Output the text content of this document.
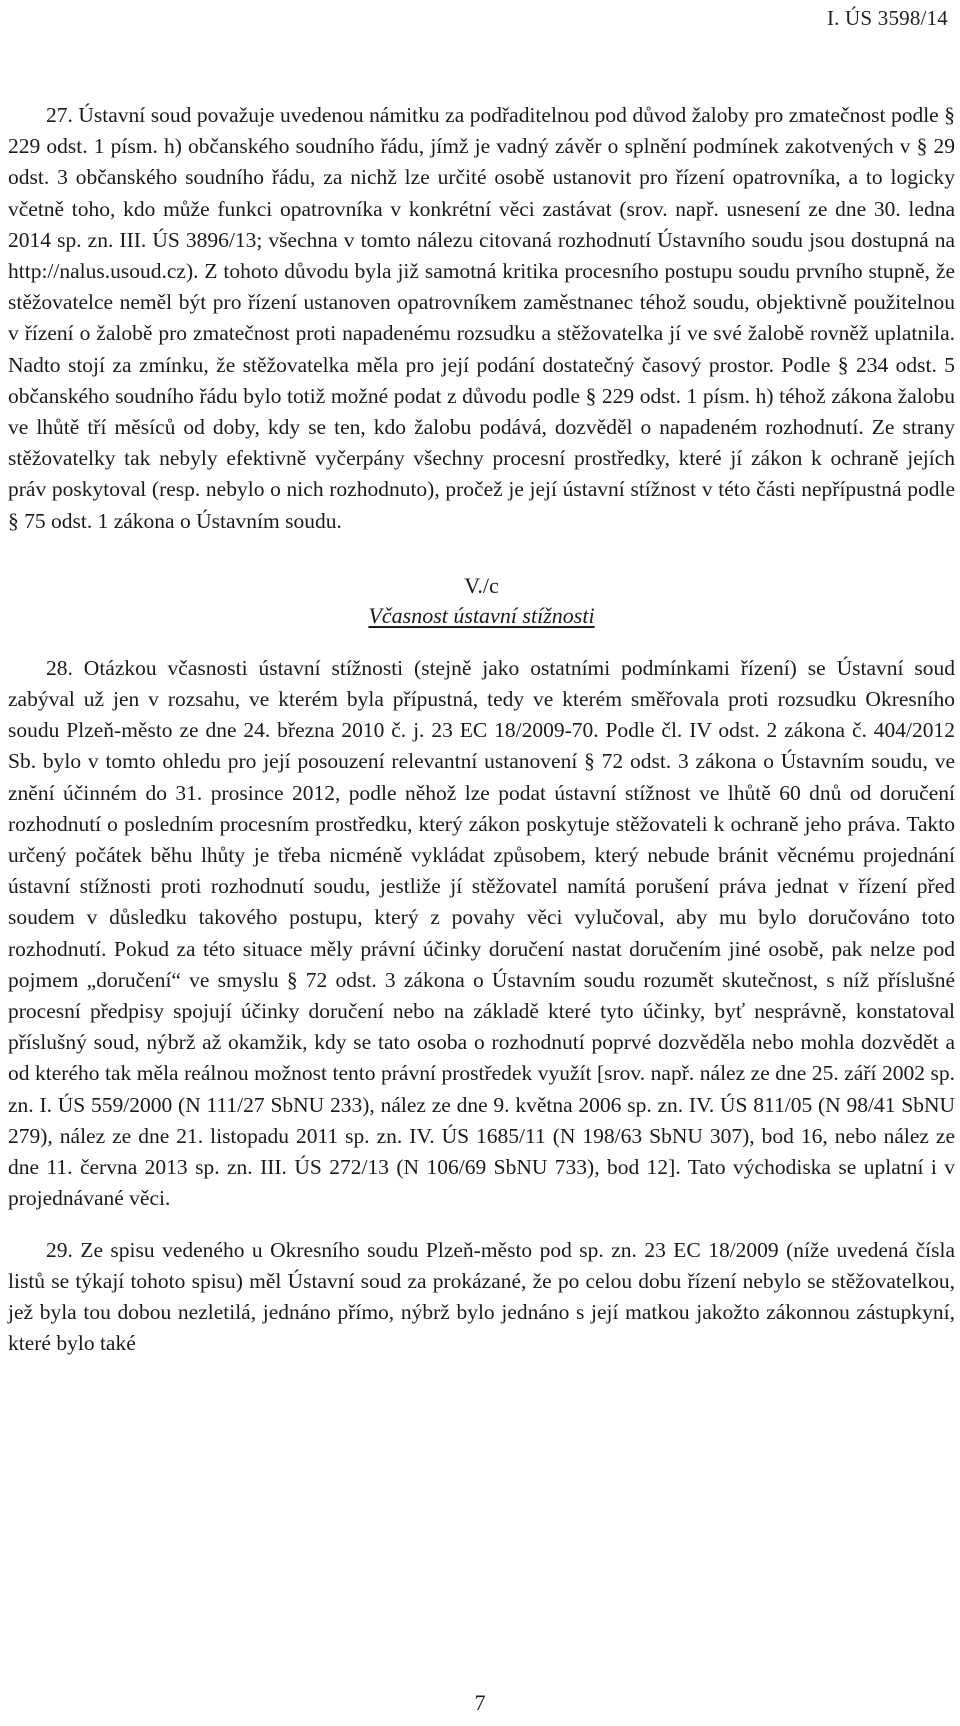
I. ÚS 3598/14

27. Ústavní soud považuje uvedenou námitku za podřaditelnou pod důvod žaloby pro zmatečnost podle § 229 odst. 1 písm. h) občanského soudního řádu, jímž je vadný závěr o splnění podmínek zakotvených v § 29 odst. 3 občanského soudního řádu, za nichž lze určité osobě ustanovit pro řízení opatrovníka, a to logicky včetně toho, kdo může funkci opatrovníka v konkrétní věci zastávat (srov. např. usnesení ze dne 30. ledna 2014 sp. zn. III. ÚS 3896/13; všechna v tomto nálezu citovaná rozhodnutí Ústavního soudu jsou dostupná na http://nalus.usoud.cz). Z tohoto důvodu byla již samotná kritika procesního postupu soudu prvního stupně, že stěžovatelce neměl být pro řízení ustanoven opatrovníkem zaměstnanec téhož soudu, objektivně použitelnou v řízení o žalobě pro zmatečnost proti napadenému rozsudku a stěžovatelka jí ve své žalobě rovněž uplatnila. Nadto stojí za zmínku, že stěžovatelka měla pro její podání dostatečný časový prostor. Podle § 234 odst. 5 občanského soudního řádu bylo totiž možné podat z důvodu podle § 229 odst. 1 písm. h) téhož zákona žalobu ve lhůtě tří měsíců od doby, kdy se ten, kdo žalobu podává, dozvěděl o napadeném rozhodnutí. Ze strany stěžovatelky tak nebyly efektivně vyčerpány všechny procesní prostředky, které jí zákon k ochraně jejích práv poskytoval (resp. nebylo o nich rozhodnuto), pročež je její ústavní stížnost v této části nepřípustná podle § 75 odst. 1 zákona o Ústavním soudu.

V./c
Včasnost ústavní stížnosti

28. Otázkou včasnosti ústavní stížnosti (stejně jako ostatními podmínkami řízení) se Ústavní soud zabýval už jen v rozsahu, ve kterém byla přípustná, tedy ve kterém směřovala proti rozsudku Okresního soudu Plzeň-město ze dne 24. března 2010 č. j. 23 EC 18/2009-70. Podle čl. IV odst. 2 zákona č. 404/2012 Sb. bylo v tomto ohledu pro její posouzení relevantní ustanovení § 72 odst. 3 zákona o Ústavním soudu, ve znění účinném do 31. prosince 2012, podle něhož lze podat ústavní stížnost ve lhůtě 60 dnů od doručení rozhodnutí o posledním procesním prostředku, který zákon poskytuje stěžovateli k ochraně jeho práva. Takto určený počátek běhu lhůty je třeba nicméně vykládat způsobem, který nebude bránit věcnému projednání ústavní stížnosti proti rozhodnutí soudu, jestliže jí stěžovatel namítá porušení práva jednat v řízení před soudem v důsledku takového postupu, který z povahy věci vylučoval, aby mu bylo doručováno toto rozhodnutí. Pokud za této situace měly právní účinky doručení nastat doručením jiné osobě, pak nelze pod pojmem „doručení“ ve smyslu § 72 odst. 3 zákona o Ústavním soudu rozumět skutečnost, s níž příslušné procesní předpisy spojují účinky doručení nebo na základě které tyto účinky, byť nesprávně, konstatoval příslušný soud, nýbrž až okamžik, kdy se tato osoba o rozhodnutí poprvé dozvěděla nebo mohla dozvědět a od kterého tak měla reálnou možnost tento právní prostředek využít [srov. např. nález ze dne 25. září 2002 sp. zn. I. ÚS 559/2000 (N 111/27 SbNU 233), nález ze dne 9. května 2006 sp. zn. IV. ÚS 811/05 (N 98/41 SbNU 279), nález ze dne 21. listopadu 2011 sp. zn. IV. ÚS 1685/11 (N 198/63 SbNU 307), bod 16, nebo nález ze dne 11. června 2013 sp. zn. III. ÚS 272/13 (N 106/69 SbNU 733), bod 12]. Tato východiska se uplatní i v projednávané věci.

29. Ze spisu vedeného u Okresního soudu Plzeň-město pod sp. zn. 23 EC 18/2009 (níže uvedená čísla listů se týkají tohoto spisu) měl Ústavní soud za prokázané, že po celou dobu řízení nebylo se stěžovatelkou, jež byla tou dobou nezletilá, jednáno přímo, nýbrž bylo jednáno s její matkou jakožto zákonnou zástupkyní, které bylo také

7
